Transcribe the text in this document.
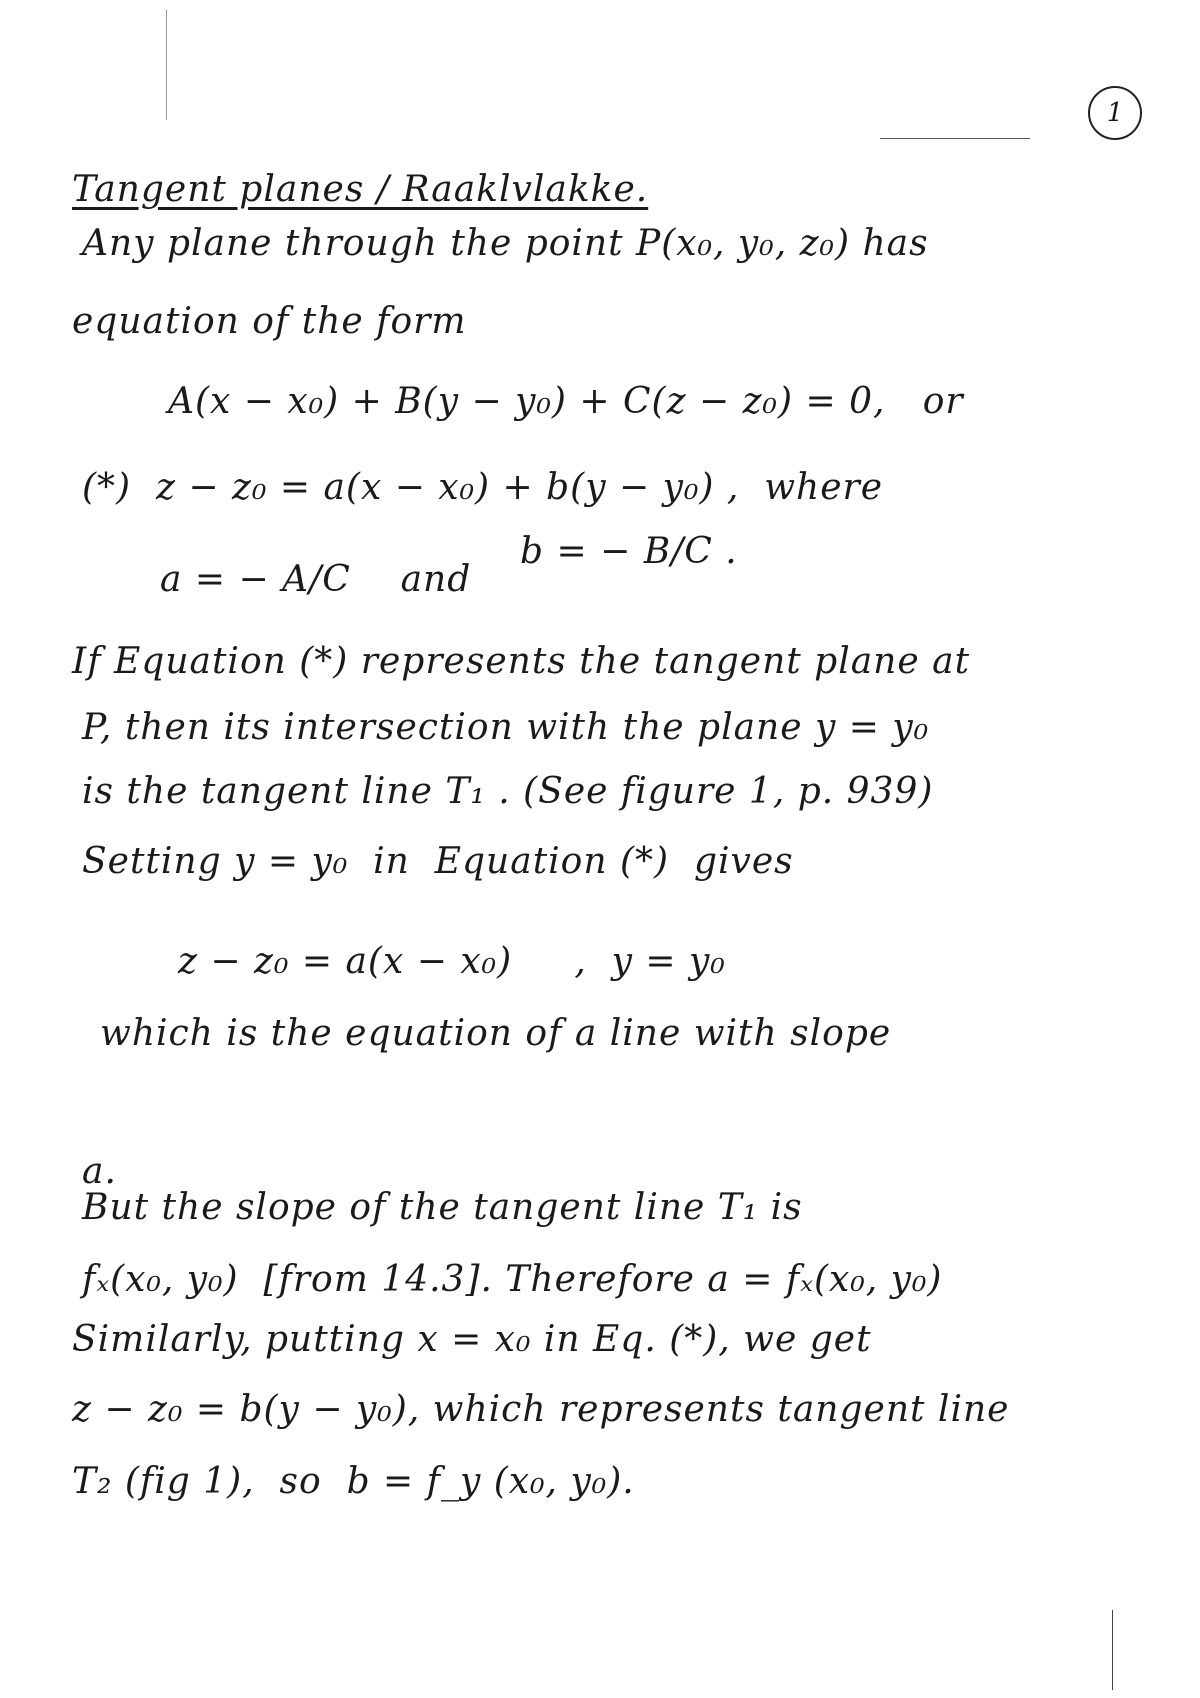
1
Tangent planes / Raaklvlakke.
Any plane through the point P(x₀, y₀, z₀) has
equation of the form
A(x − x₀) + B(y − y₀) + C(z − z₀) = 0,   or
(*)  z − z₀ = a(x − x₀) + b(y − y₀) ,  where
b = − B/C .
a = − A/C    and
If Equation (*) represents the tangent plane at
P, then its intersection with the plane y = y₀
is the tangent line T₁ . (See figure 1, p. 939)
Setting y = y₀  in  Equation (*)  gives
z − z₀ = a(x − x₀)     ,  y = y₀
which is the equation of a line with slope
a.
But the slope of the tangent line T₁ is
fₓ(x₀, y₀)  [from 14.3]. Therefore a = fₓ(x₀, y₀)
Similarly, putting x = x₀ in Eq. (*), we get
z − z₀ = b(y − y₀), which represents tangent line
T₂ (fig 1),  so  b = f_y (x₀, y₀).
